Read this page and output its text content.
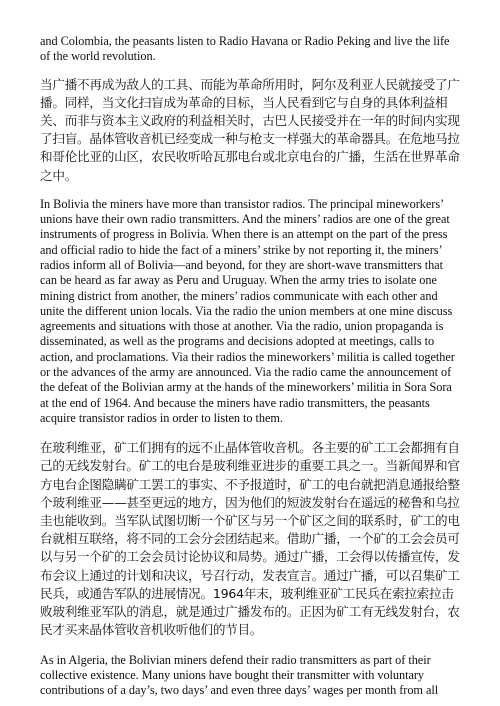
and Colombia, the peasants listen to Radio Havana or Radio Peking and live the life of the world revolution.

当广播不再成为敌人的工具、而能为革命所用时，阿尔及利亚人民就接受了广播。同样，当文化扫盲成为革命的目标，当人民看到它与自身的具体利益相关、而非与资本主义政府的利益相关时，古巴人民接受并在一年的时间内实现了扫盲。晶体管收音机已经变成一种与枪支一样强大的革命器具。在危地马拉和哥伦比亚的山区，农民收听哈瓦那电台或北京电台的广播，生活在世界革命之中。

In Bolivia the miners have more than transistor radios. The principal mineworkers’ unions have their own radio transmitters. And the miners’ radios are one of the great instruments of progress in Bolivia. When there is an attempt on the part of the press and official radio to hide the fact of a miners’ strike by not reporting it, the miners’ radios inform all of Bolivia—and beyond, for they are short-wave transmitters that can be heard as far away as Peru and Uruguay. When the army tries to isolate one mining district from another, the miners’ radios communicate with each other and unite the different union locals. Via the radio the union members at one mine discuss agreements and situations with those at another. Via the radio, union propaganda is disseminated, as well as the programs and decisions adopted at meetings, calls to action, and proclamations. Via their radios the mineworkers’ militia is called together or the advances of the army are announced. Via the radio came the announcement of the defeat of the Bolivian army at the hands of the mineworkers’ militia in Sora Sora at the end of 1964. And because the miners have radio transmitters, the peasants acquire transistor radios in order to listen to them.

在玻利维亚，矿工们拥有的远不止晶体管收音机。各主要的矿工工会都拥有自己的无线发射台。矿工的电台是玻利维亚进步的重要工具之一。当新闻界和官方电台企图隐瞒矿工罢工的事实、不予报道时，矿工的电台就把消息通报给整个玻利维亚——甚至更远的地方，因为他们的短波发射台在遥远的秘鲁和乌拉圭也能收到。当军队试图切断一个矿区与另一个矿区之间的联系时，矿工的电台就相互联络，将不同的工会分会团结起来。借助广播，一个矿的工会会员可以与另一个矿的工会会员讨论协议和局势。通过广播，工会得以传播宣传，发布会议上通过的计划和决议，号召行动，发表宣言。通过广播，可以召集矿工民兵，或通告军队的进展情况。1964年末，玻利维亚矿工民兵在索拉索拉击败玻利维亚军队的消息，就是通过广播发布的。正因为矿工有无线发射台，农民才买来晶体管收音机收听他们的节目。

As in Algeria, the Bolivian miners defend their radio transmitters as part of their collective existence. Many unions have bought their transmitter with voluntary contributions of a day’s, two days’ and even three days’ wages per month from all
